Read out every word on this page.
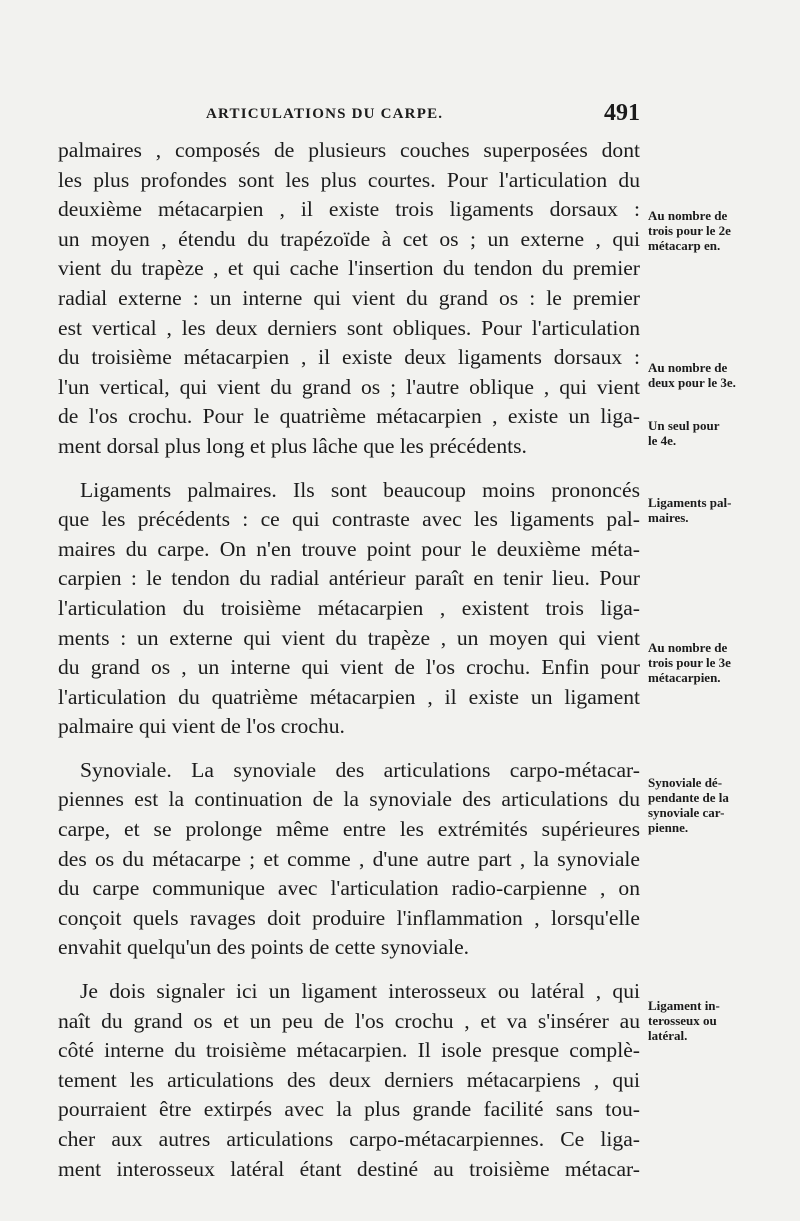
ARTICULATIONS DU CARPE.	491
palmaires , composés de plusieurs couches superposées dont
les plus profondes sont les plus courtes. Pour l'articulation du
deuxième métacarpien , il existe trois ligaments dorsaux :
un moyen , étendu du trapézoïde à cet os ; un externe , qui
vient du trapèze , et qui cache l'insertion du tendon du premier
radial externe : un interne qui vient du grand os : le premier
est vertical , les deux derniers sont obliques. Pour l'articulation
du troisième métacarpien , il existe deux ligaments dorsaux :
l'un vertical, qui vient du grand os ; l'autre oblique , qui vient
de l'os crochu. Pour le quatrième métacarpien , existe un liga-
ment dorsal plus long et plus lâche que les précédents.
Ligaments palmaires. Ils sont beaucoup moins prononcés
que les précédents : ce qui contraste avec les ligaments pal-
maires du carpe. On n'en trouve point pour le deuxième méta-
carpien : le tendon du radial antérieur paraît en tenir lieu. Pour
l'articulation du troisième métacarpien , existent trois liga-
ments : un externe qui vient du trapèze , un moyen qui vient
du grand os , un interne qui vient de l'os crochu. Enfin pour
l'articulation du quatrième métacarpien , il existe un ligament
palmaire qui vient de l'os crochu.
Synoviale. La synoviale des articulations carpo-métacar-
piennes est la continuation de la synoviale des articulations du
carpe, et se prolonge même entre les extrémités supérieures
des os du métacarpe ; et comme , d'une autre part , la synoviale
du carpe communique avec l'articulation radio-carpienne , on
conçoit quels ravages doit produire l'inflammation , lorsqu'elle
envahit quelqu'un des points de cette synoviale.
Je dois signaler ici un ligament interosseux ou latéral , qui
naît du grand os et un peu de l'os crochu , et va s'insérer au
côté interne du troisième métacarpien. Il isole presque complè-
tement les articulations des deux derniers métacarpiens , qui
pourraient être extirpés avec la plus grande facilité sans tou-
cher aux autres articulations carpo-métacarpiennes. Ce liga-
ment interosseux latéral étant destiné au troisième métacar-
Au nombre de
trois pour le 2e
métacarp en.
Au nombre de
deux pour le 3e.
Un seul pour
le 4e.
Ligaments pal-
maires.
Au nombre de
trois pour le 3e
métacarpien.
Synoviale dé-
pendante de la
synoviale car-
pienne.
Ligament in-
terosseux ou
latéral.
